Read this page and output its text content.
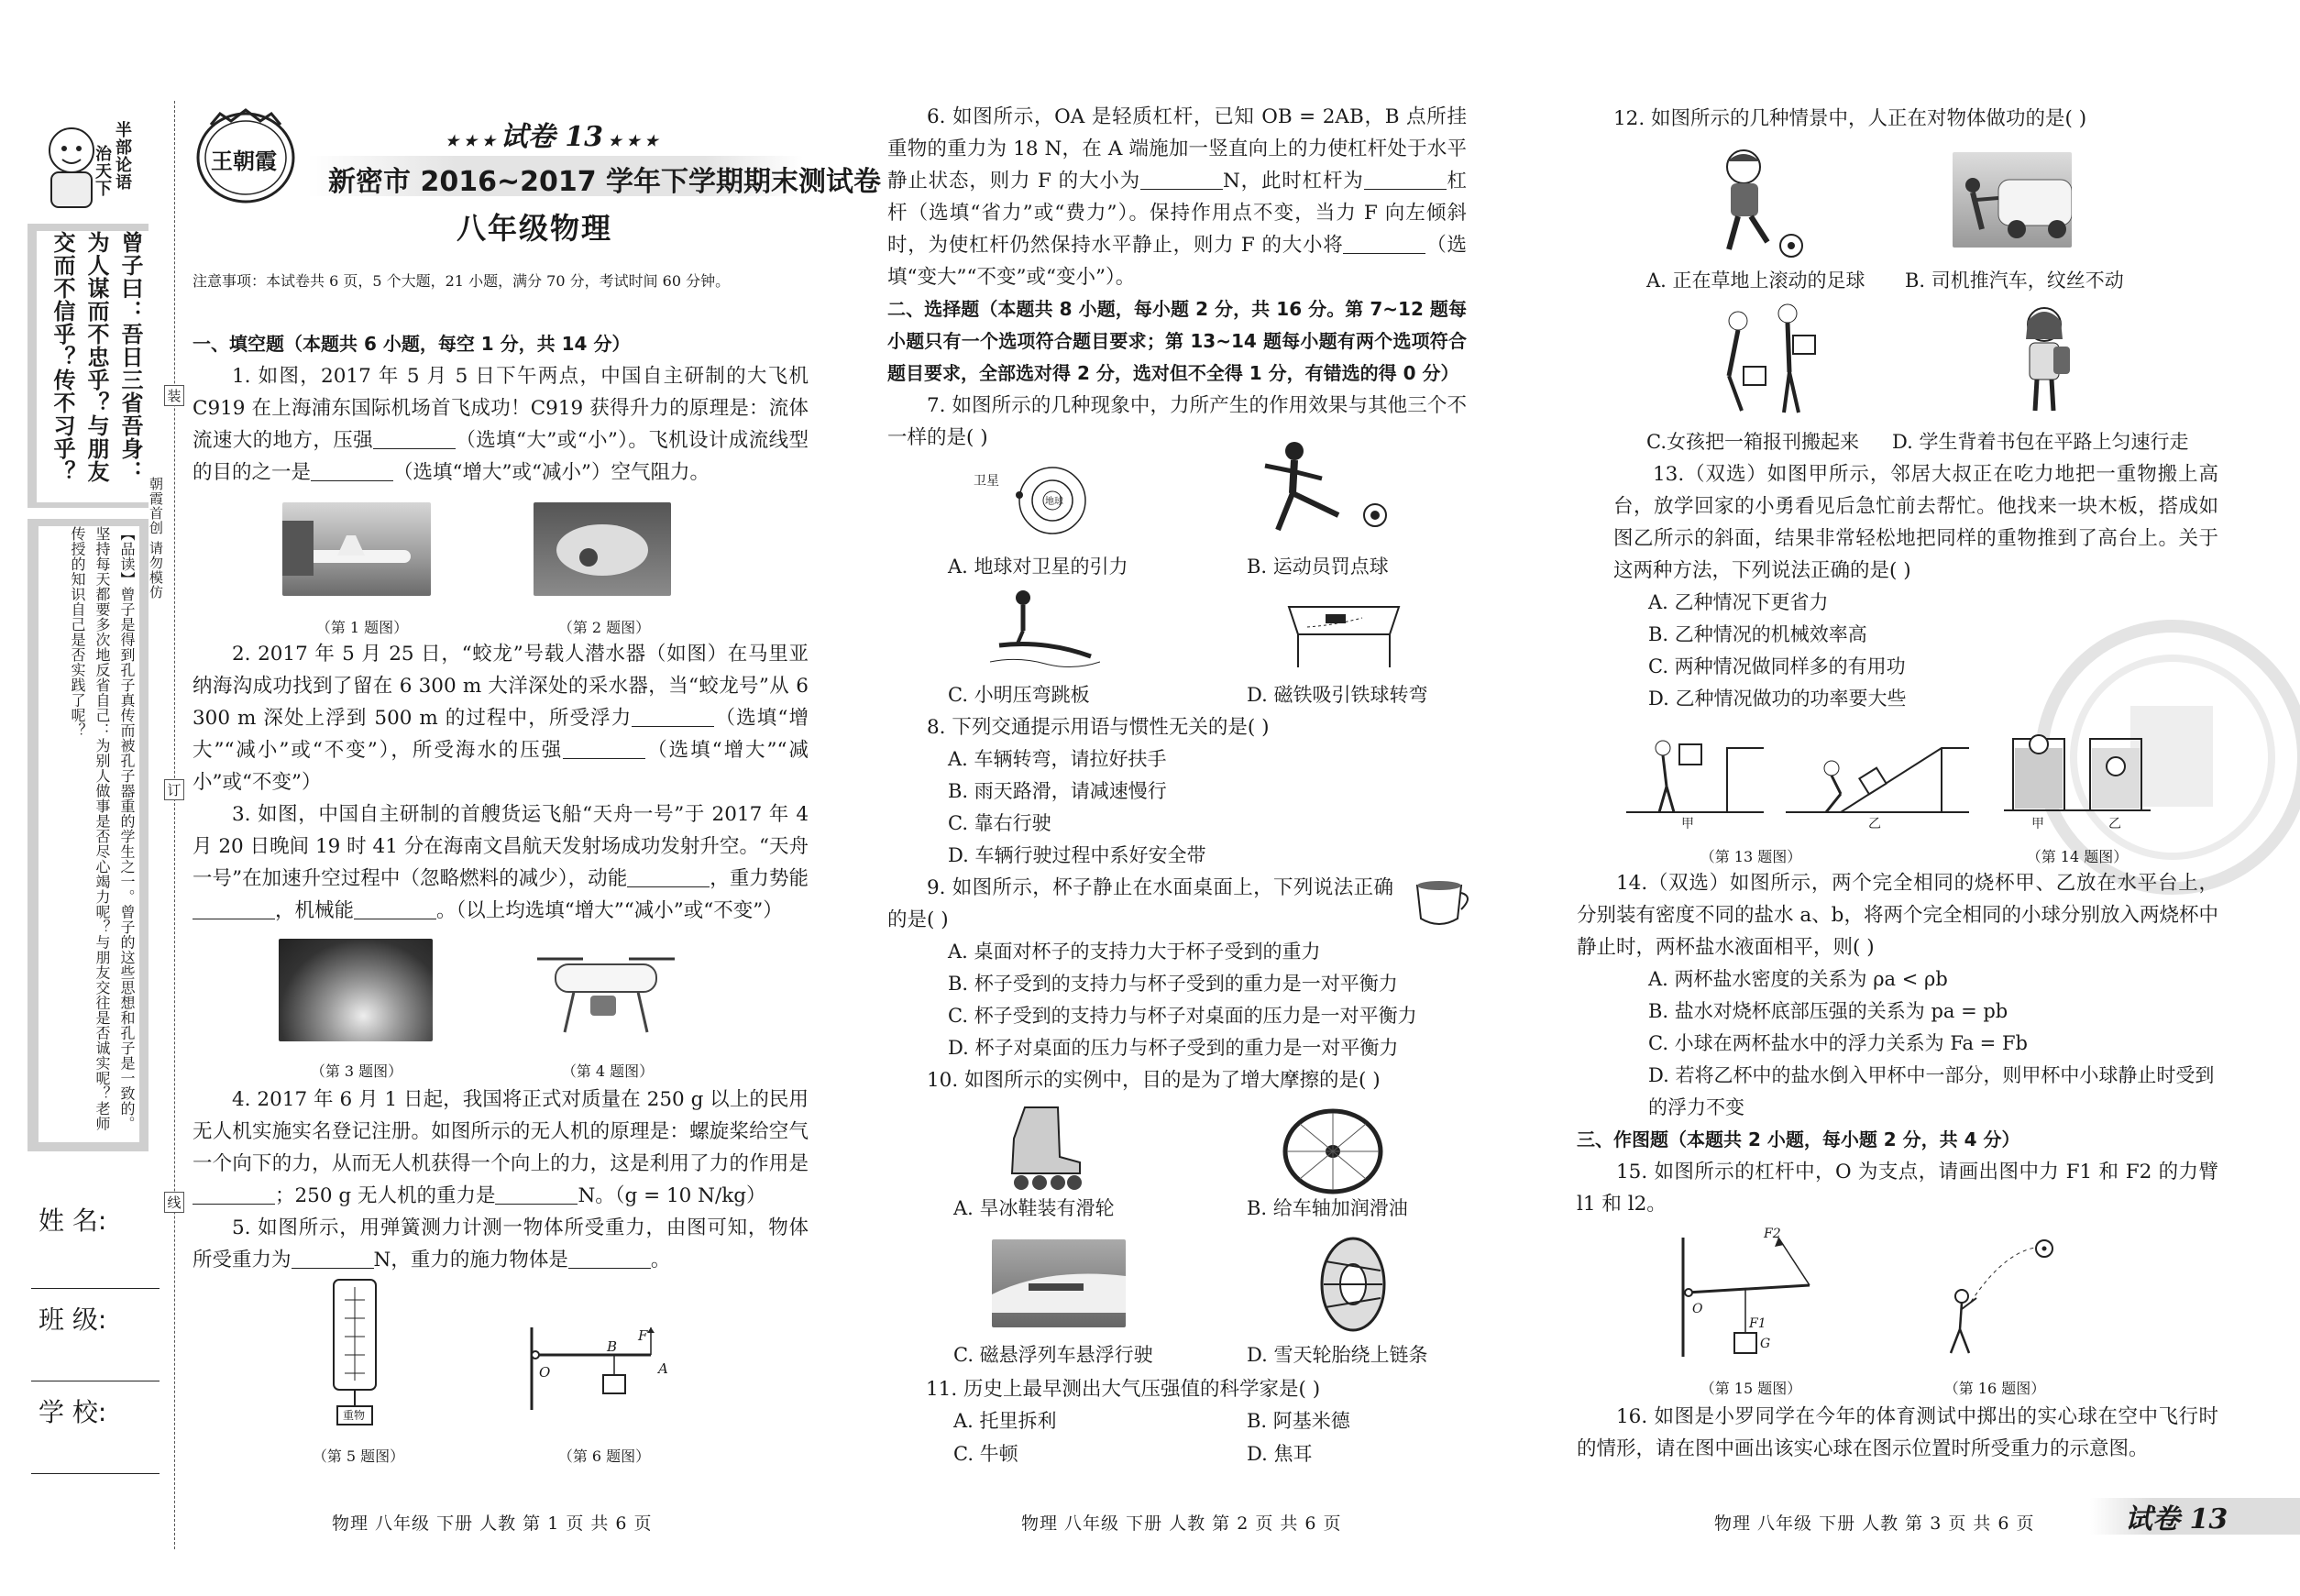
半部论语
治天下
曾子曰：吾日三省吾身：为人谋而不忠乎？与朋友交而不信乎？传不习乎？
【品读】曾子是得到孔子真传而被孔子器重的学生之一。曾子的这些思想和孔子是一致的。坚持每天都要多次地反省自己：为别人做事是否尽心竭力呢？与朋友交往是否诚实呢？老师传授的知识自己是否实践了呢？	朝霞首创 请勿模仿
装
订
线
姓 名:
班 级:
学 校:
王朝霞
★ ★ ★ 试卷 13 ★ ★ ★
新密市 2016~2017 学年下学期期末测试卷
八年级物理
注意事项：本试卷共 6 页，5 个大题，21 小题，满分 70 分，考试时间 60 分钟。

一、填空题（本题共 6 小题，每空 1 分，共 14 分）

1. 如图，2017 年 5 月 5 日下午两点，中国自主研制的大飞机 C919 在上海浦东国际机场首飞成功！C919 获得升力的原理是：流体流速大的地方，压强	（选填“大”或“小”）。飞机设计成流线型的目的之一是	（选填“增大”或“减小”）空气阻力。

（第 1 题图）	（第 2 题图）

2. 2017 年 5 月 25 日，“蛟龙”号载人潜水器（如图）在马里亚纳海沟成功找到了留在 6 300 m 大洋深处的采水器，当“蛟龙号”从 6 300 m 深处上浮到 500 m 的过程中，所受浮力	（选填“增大”“减小”或“不变”），所受海水的压强	（选填“增大”“减小”或“不变”）

3. 如图，中国自主研制的首艘货运飞船“天舟一号”于 2017 年 4 月 20 日晚间 19 时 41 分在海南文昌航天发射场成功发射升空。“天舟一号”在加速升空过程中（忽略燃料的减少），动能	，重力势能，机械能	。（以上均选填“增大”“减小”或“不变”）

（第 3 题图）	（第 4 题图）

4. 2017 年 6 月 1 日起，我国将正式对质量在 250 g 以上的民用无人机实施实名登记注册。如图所示的无人机的原理是：螺旋桨给空气一个向下的力，从而无人机获得一个向上的力，这是利用了力的作用是；250 g 无人机的重力是	N。（g = 10 N/kg）

5. 如图所示，用弹簧测力计测一物体所受重力，由图可知，物体所受重力为	N，重力的施力物体是	。

重物
O
B
A
F
（第 5 题图）	（第 6 题图）
物理 八年级 下册 人教 第 1 页 共 6 页

6. 如图所示，OA 是轻质杠杆，已知 OB = 2AB，B 点所挂重物的重力为 18 N，在 A 端施加一竖直向上的力使杠杆处于水平静止状态，则力 F 的大小为	N，此时杠杆为	杠杆（选填“省力”或“费力”）。保持作用点不变，当力 F 向左倾斜时，为使杠杆仍然保持水平静止，则力 F 的大小将	（选填“变大”“不变”或“变小”）。

二、选择题（本题共 8 小题，每小题 2 分，共 16 分。第 7~12 题每小题只有一个选项符合题目要求；第 13~14 题每小题有两个选项符合题目要求，全部选对得 2 分，选对但不全得 1 分，有错选的得 0 分）

7. 如图所示的几种现象中，力所产生的作用效果与其他三个不一样的是( )

卫星
地球
A. 地球对卫星的引力	B. 运动员罚点球
C. 小明压弯跳板	D. 磁铁吸引铁球转弯

8. 下列交通提示用语与惯性无关的是( )

A. 车辆转弯，请拉好扶手

B. 雨天路滑，请减速慢行

C. 靠右行驶

D. 车辆行驶过程中系好安全带

9. 如图所示，杯子静止在水面桌面上，下列说法正确的是( )

A. 桌面对杯子的支持力大于杯子受到的重力

B. 杯子受到的支持力与杯子受到的重力是一对平衡力

C. 杯子受到的支持力与杯子对桌面的压力是一对平衡力

D. 杯子对桌面的压力与杯子受到的重力是一对平衡力

10. 如图所示的实例中，目的是为了增大摩擦的是( )

A. 旱冰鞋装有滑轮	B. 给车轴加润滑油
C. 磁悬浮列车悬浮行驶	D. 雪天轮胎绕上链条
11. 历史上最早测出大气压强值的科学家是( )
A. 托里拆利	B. 阿基米德
C. 牛顿	D. 焦耳
物理 八年级 下册 人教 第 2 页 共 6 页
12. 如图所示的几种情景中，人正在对物体做功的是( )
A. 正在草地上滚动的足球 B. 司机推汽车，纹丝不动
C.女孩把一箱报刊搬起来 D. 学生背着书包在平路上匀速行走

13.（双选）如图甲所示，邻居大叔正在吃力地把一重物搬上高台，放学回家的小勇看见后急忙前去帮忙。他找来一块木板，搭成如图乙所示的斜面，结果非常轻松地把同样的重物推到了高台上。关于这两种方法，下列说法正确的是( )

A. 乙种情况下更省力

B. 乙种情况的机械效率高

C. 两种情况做同样多的有用功

D. 乙种情况做功的功率要大些

甲	乙	甲	乙
（第 13 题图）	（第 14 题图）

14.（双选）如图所示，两个完全相同的烧杯甲、乙放在水平台上，分别装有密度不同的盐水 a、b，将两个完全相同的小球分别放入两烧杯中静止时，两杯盐水液面相平，则( )

A. 两杯盐水密度的关系为 ρa < ρb

B. 盐水对烧杯底部压强的关系为 pa = pb

C. 小球在两杯盐水中的浮力关系为 Fa = Fb

D. 若将乙杯中的盐水倒入甲杯中一部分，则甲杯中小球静止时受到的浮力不变

三、作图题（本题共 2 小题，每小题 2 分，共 4 分）

15. 如图所示的杠杆中，O 为支点，请画出图中力 F1 和 F2 的力臂 l1 和 l2。

F2
F1
O
G
（第 15 题图）	（第 16 题图）

16. 如图是小罗同学在今年的体育测试中掷出的实心球在空中飞行时的情形，请在图中画出该实心球在图示位置时所受重力的示意图。

物理 八年级 下册 人教 第 3 页 共 6 页	试卷 13
